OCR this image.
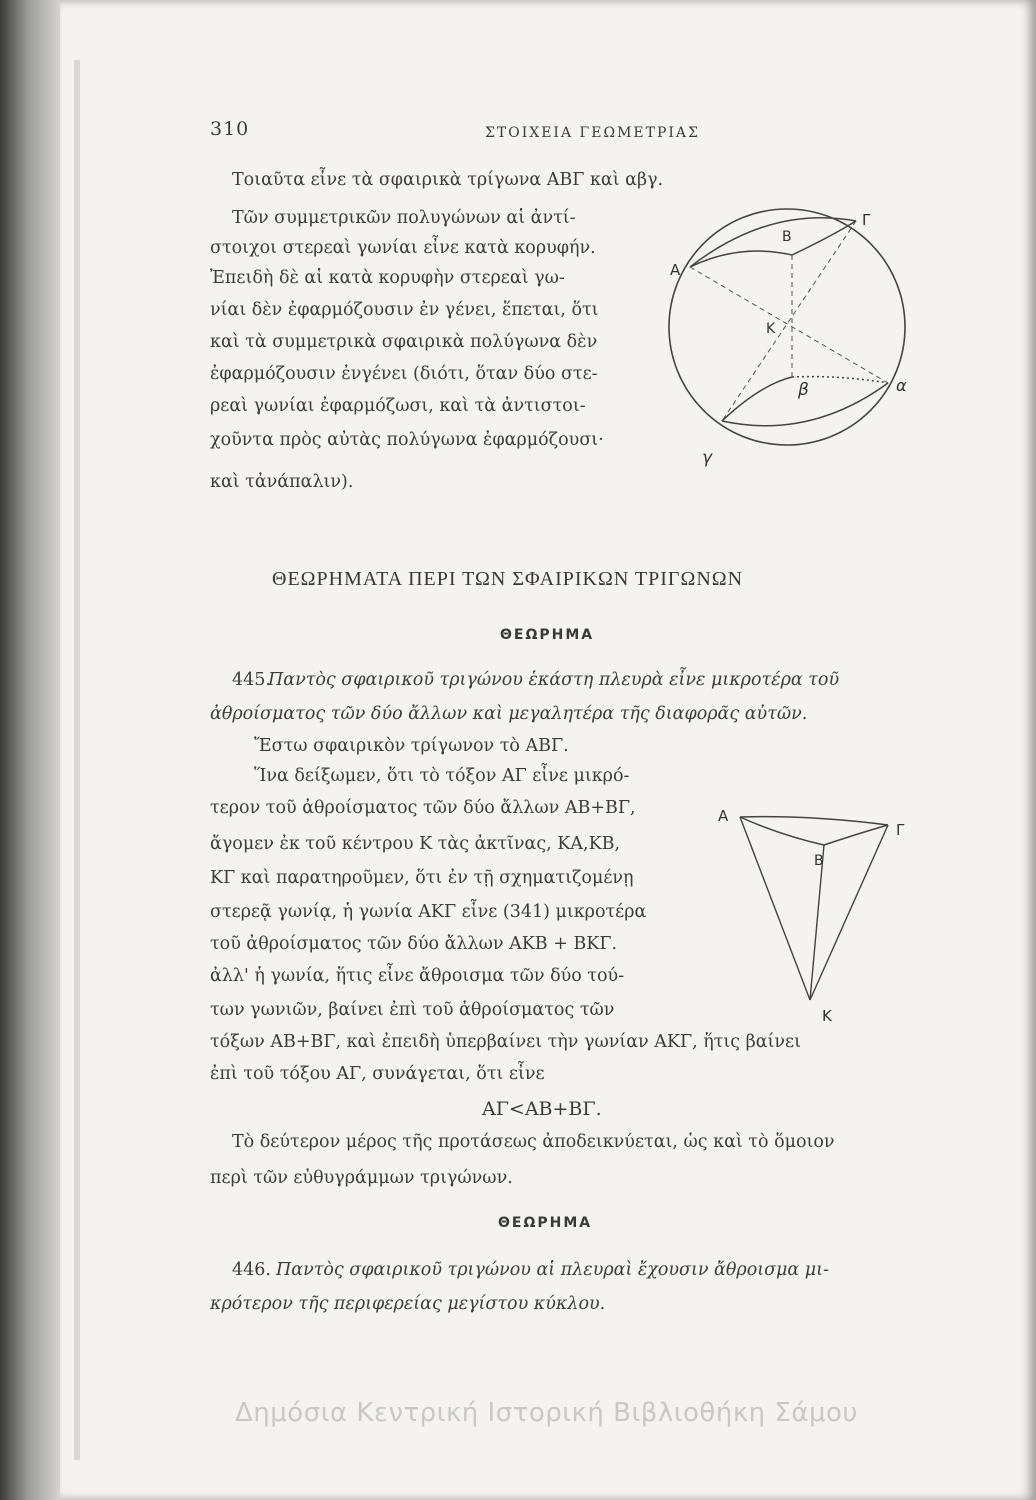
310	ΣΤΟΙΧΕΙΑ ΓΕΩΜΕΤΡΙΑΣ
Τοιαῦτα εἶνε τὰ σφαιρικὰ τρίγωνα ΑΒΓ καὶ αβγ.
Τῶν συμμετρικῶν πολυγώνων αἱ ἀντί-
στοιχοι στερεαὶ γωνίαι εἶνε κατὰ κορυφήν.
Ἐπειδὴ δὲ αἱ κατὰ κορυφὴν στερεαὶ γω-
νίαι δὲν ἐφαρμόζουσιν ἐν γένει, ἕπεται, ὅτι
καὶ τὰ συμμετρικὰ σφαιρικὰ πολύγωνα δὲν
ἐφαρμόζουσιν ἐνγένει (διότι, ὅταν δύο στε-
ρεαὶ γωνίαι ἐφαρμόζωσι, καὶ τὰ ἀντιστοι-
χοῦντα πρὸς αὐτὰς πολύγωνα ἐφαρμόζουσι·
καὶ τἀνάπαλιν).
Β
Γ
Α
Κ
β	α
γ
ΘΕΩΡΗΜΑΤΑ ΠΕΡΙ ΤΩΝ ΣΦΑΙΡΙΚΩΝ ΤΡΙΓΩΝΩΝ
ΘΕΩΡΗΜΑ
445.
Παντὸς σφαιρικοῦ τριγώνου ἑκάστη πλευρὰ εἶνε μικροτέρα τοῦ
ἀθροίσματος τῶν δύο ἄλλων καὶ μεγαλητέρα τῆς διαφορᾶς αὐτῶν.
Ἔστω σφαιρικὸν τρίγωνον τὸ ΑΒΓ.
Ἵνα δείξωμεν, ὅτι τὸ τόξον ΑΓ εἶνε μικρό-
τερον τοῦ ἀθροίσματος τῶν δύο ἄλλων ΑΒ+ΒΓ,
ἄγομεν ἐκ τοῦ κέντρου Κ τὰς ἀκτῖνας, ΚΑ,ΚΒ,
ΚΓ καὶ παρατηροῦμεν, ὅτι ἐν τῇ σχηματιζομένῃ
στερεᾷ γωνίᾳ, ἡ γωνία ΑΚΓ εἶνε (341) μικροτέρα
τοῦ ἀθροίσματος τῶν δύο ἄλλων ΑΚΒ + ΒΚΓ.
ἀλλ' ἡ γωνία, ἥτις εἶνε ἄθροισμα τῶν δύο τού-
των γωνιῶν, βαίνει ἐπὶ τοῦ ἀθροίσματος τῶν
τόξων ΑΒ+ΒΓ, καὶ ἐπειδὴ ὑπερβαίνει τὴν γωνίαν ΑΚΓ, ἥτις βαίνει
ἐπὶ τοῦ τόξου ΑΓ, συνάγεται, ὅτι εἶνε
ΑΓ<ΑΒ+ΒΓ.
Τὸ δεύτερον μέρος τῆς προτάσεως ἀποδεικνύεται, ὡς καὶ τὸ ὅμοιον
περὶ τῶν εὐθυγράμμων τριγώνων.
Α
Γ
Β
Κ
ΘΕΩΡΗΜΑ
446. Παντὸς σφαιρικοῦ τριγώνου αἱ πλευραὶ ἔχουσιν ἄθροισμα μι-
κρότερον τῆς περιφερείας μεγίστου κύκλου.
Δημόσια Κεντρική Ιστορική Βιβλιοθήκη Σάμου
